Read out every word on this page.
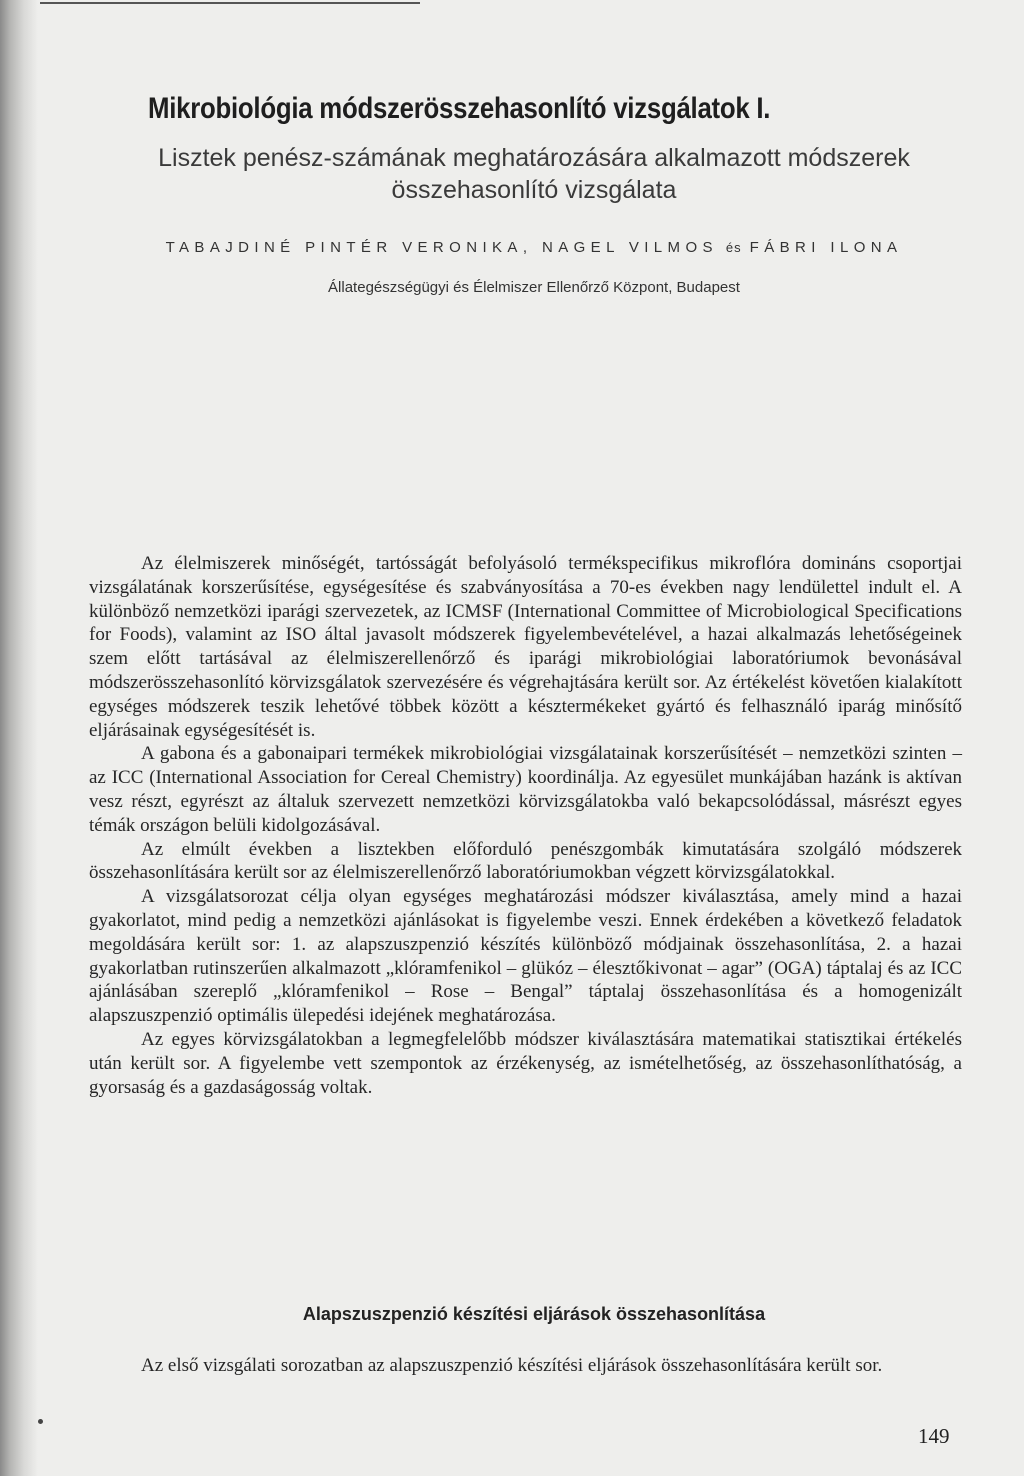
Mikrobiológia módszerösszehasonlító vizsgálatok I.
Lisztek penész-számának meghatározására alkalmazott módszerek összehasonlító vizsgálata
TABAJDINÉ PINTÉR VERONIKA, NAGEL VILMOS és FÁBRI ILONA
Állategészségügyi és Élelmiszer Ellenőrző Központ, Budapest

Az élelmiszerek minőségét, tartósságát befolyásoló termékspecifikus mikroflóra domináns csoportjai vizsgálatának korszerűsítése, egységesítése és szabványosítása a 70-es években nagy lendülettel indult el. A különböző nemzetközi iparági szervezetek, az ICMSF (International Committee of Microbiological Specifications for Foods), valamint az ISO által javasolt módszerek figyelembevételével, a hazai alkalmazás lehetőségeinek szem előtt tartásával az élelmiszerellenőrző és iparági mikrobiológiai laboratóriumok bevonásával módszerösszehasonlító körvizsgálatok szervezésére és végrehajtására került sor. Az értékelést követően kialakított egységes módszerek teszik lehetővé többek között a késztermékeket gyártó és felhasználó iparág minősítő eljárásainak egységesítését is.

A gabona és a gabonaipari termékek mikrobiológiai vizsgálatainak korszerűsítését – nemzetközi szinten – az ICC (International Association for Cereal Chemistry) koordinálja. Az egyesület munkájában hazánk is aktívan vesz részt, egyrészt az általuk szervezett nemzetközi körvizsgálatokba való bekapcsolódással, másrészt egyes témák országon belüli kidolgozásával.

Az elmúlt években a lisztekben előforduló penészgombák kimutatására szolgáló módszerek összehasonlítására került sor az élelmiszerellenőrző laboratóriumokban végzett körvizsgálatokkal.

A vizsgálatsorozat célja olyan egységes meghatározási módszer kiválasztása, amely mind a hazai gyakorlatot, mind pedig a nemzetközi ajánlásokat is figyelembe veszi. Ennek érdekében a következő feladatok megoldására került sor: 1. az alapszuszpenzió készítés különböző módjainak összehasonlítása, 2. a hazai gyakorlatban rutinszerűen alkalmazott „klóramfenikol – glükóz – élesztőkivonat – agar” (OGA) táptalaj és az ICC ajánlásában szereplő „klóramfenikol – Rose – Bengal” táptalaj összehasonlítása és a homogenizált alapszuszpenzió optimális ülepedési idejének meghatározása.

Az egyes körvizsgálatokban a legmegfelelőbb módszer kiválasztására matematikai statisztikai értékelés után került sor. A figyelembe vett szempontok az érzékenység, az ismételhetőség, az összehasonlíthatóság, a gyorsaság és a gazdaságosság voltak.

Alapszuszpenzió készítési eljárások összehasonlítása

Az első vizsgálati sorozatban az alapszuszpenzió készítési eljárások összehasonlítására került sor.

149
